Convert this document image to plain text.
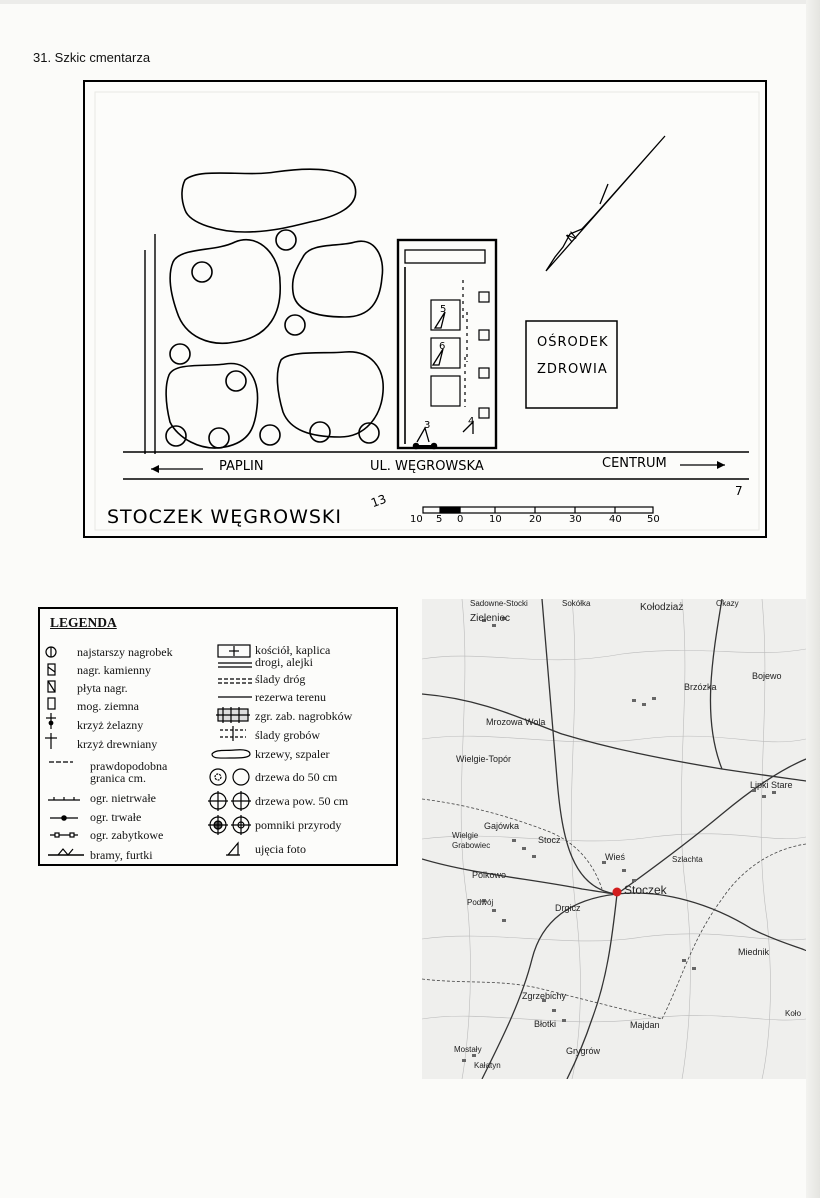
31. Szkic cmentarza
OŚRODEK
ZDROWIA
N
PAPLIN	UL. WĘGROWSKA	CENTRUM
STOCZEK WĘGROWSKI
5
6
3	4
13
7
10 5 0	10	20	30	40	50
LEGENDA
najstarszy nagrobek
nagr. kamienny
płyta nagr.
mog. ziemna
krzyż żelazny
krzyż drewniany
prawdopodobna
granica cm.
ogr. nietrwałe
ogr. trwałe
ogr. zabytkowe
bramy, furtki
kościół, kaplica
drogi, alejki
ślady dróg
rezerwa terenu
zgr. zab. nagrobków
ślady grobów
krzewy, szpaler
drzewa do 50 cm
drzewa pow. 50 cm
pomniki przyrody
ujęcia foto
Sadowne-Stocki	Sokółka	Kołodziaż	Okazy
Zieleniec
Bojewo
Brzózka
Mrozowa Wola
Wielgie-Topór
Lipki Stare
Gajówka
Stocz
Wielgie
Grabowiec
Wieś	Szlachta
Polkowo
Podwój
Drgicz
Stoczek
Miednik
Zgrzebichy
Błotki	Majdan
Grygrów
Mostały
Kałatyn
Koło
